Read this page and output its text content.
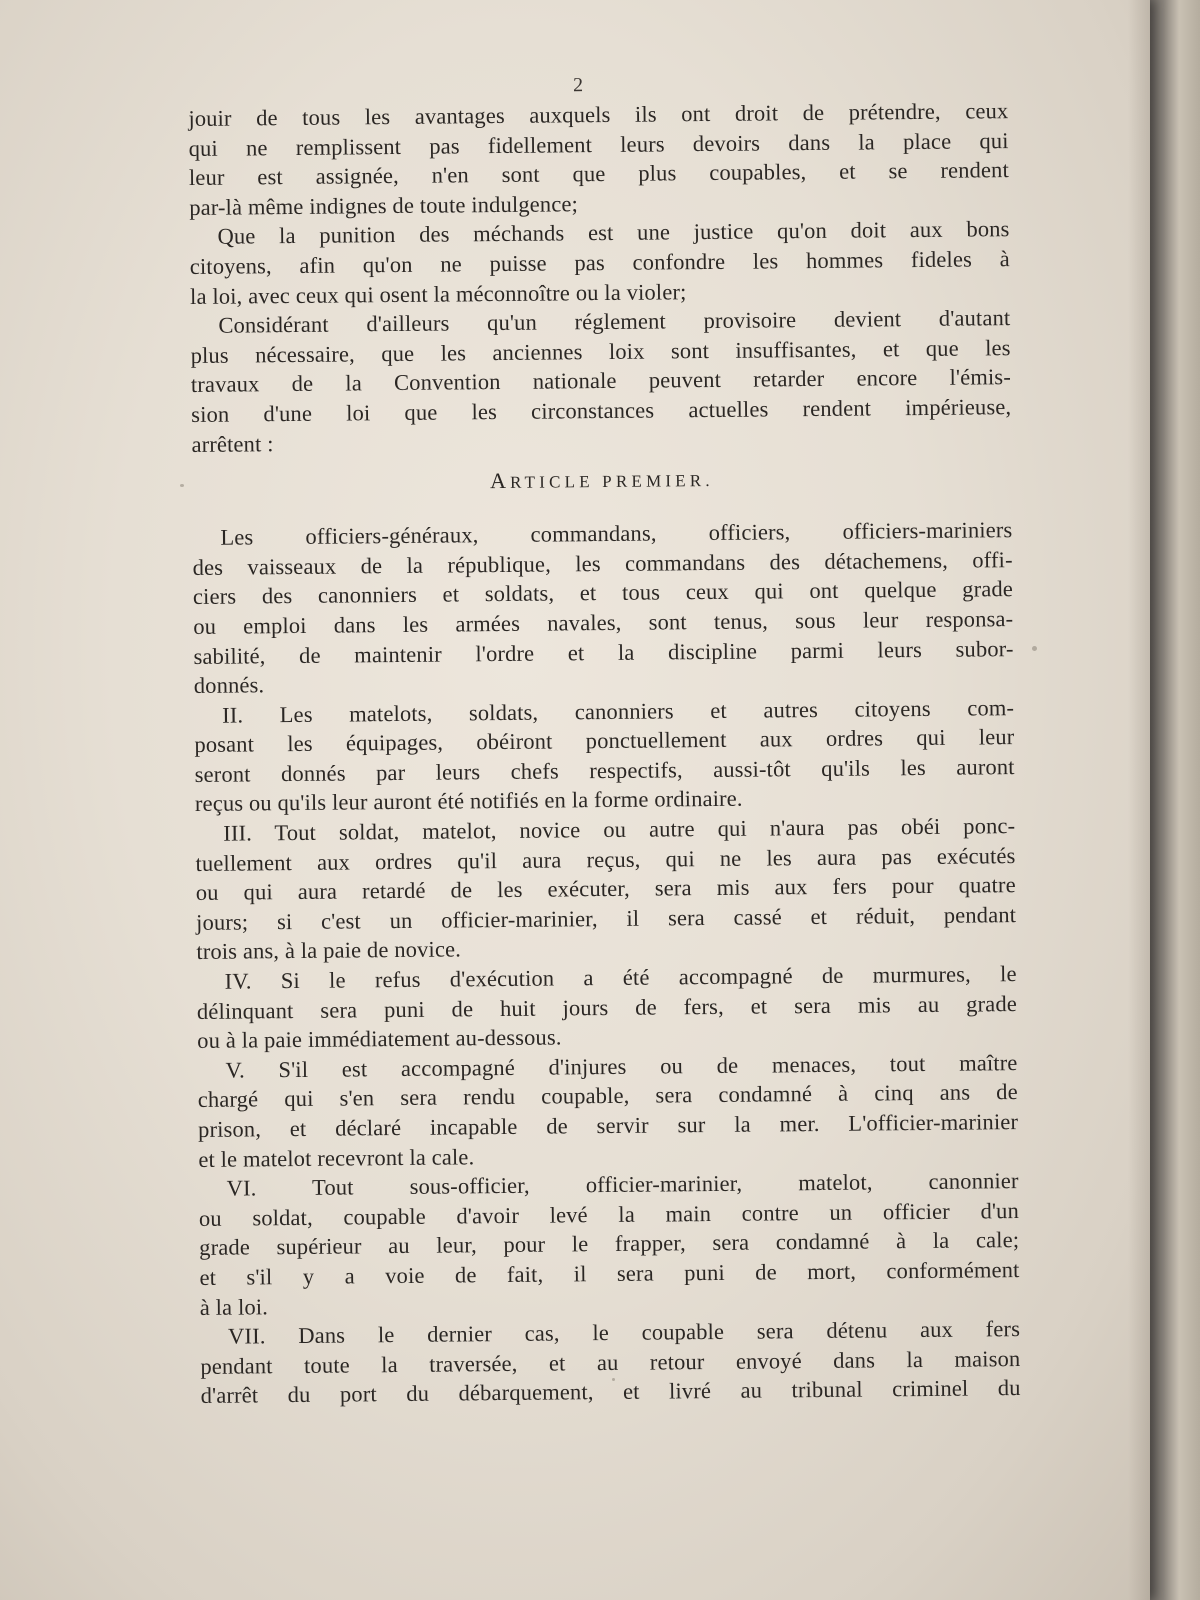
2
jouir de tous les avantages auxquels ils ont droit de prétendre, ceux
qui ne remplissent pas fidellement leurs devoirs dans la place qui
leur est assignée, n'en sont que plus coupables, et se rendent
par-là même indignes de toute indulgence;
Que la punition des méchands est une justice qu'on doit aux bons
citoyens, afin qu'on ne puisse pas confondre les hommes fideles à
la loi, avec ceux qui osent la méconnoître ou la violer;
Considérant d'ailleurs qu'un réglement provisoire devient d'autant
plus nécessaire, que les anciennes loix sont insuffisantes, et que les
travaux de la Convention nationale peuvent retarder encore l'émis-
sion d'une loi que les circonstances actuelles rendent impérieuse,
arrêtent :
ARTICLE PREMIER.
Les officiers-généraux, commandans, officiers, officiers-mariniers
des vaisseaux de la république, les commandans des détachemens, offi-
ciers des canonniers et soldats, et tous ceux qui ont quelque grade
ou emploi dans les armées navales, sont tenus, sous leur responsa-
sabilité, de maintenir l'ordre et la discipline parmi leurs subor-
donnés.
II. Les matelots, soldats, canonniers et autres citoyens com-
posant les équipages, obéiront ponctuellement aux ordres qui leur
seront donnés par leurs chefs respectifs, aussi-tôt qu'ils les auront
reçus ou qu'ils leur auront été notifiés en la forme ordinaire.
III. Tout soldat, matelot, novice ou autre qui n'aura pas obéi ponc-
tuellement aux ordres qu'il aura reçus, qui ne les aura pas exécutés
ou qui aura retardé de les exécuter, sera mis aux fers pour quatre
jours; si c'est un officier-marinier, il sera cassé et réduit, pendant
trois ans, à la paie de novice.
IV. Si le refus d'exécution a été accompagné de murmures, le
délinquant sera puni de huit jours de fers, et sera mis au grade
ou à la paie immédiatement au-dessous.
V. S'il est accompagné d'injures ou de menaces, tout maître
chargé qui s'en sera rendu coupable, sera condamné à cinq ans de
prison, et déclaré incapable de servir sur la mer. L'officier-marinier
et le matelot recevront la cale.
VI. Tout sous-officier, officier-marinier, matelot, canonnier
ou soldat, coupable d'avoir levé la main contre un officier d'un
grade supérieur au leur, pour le frapper, sera condamné à la cale;
et s'il y a voie de fait, il sera puni de mort, conformément
à la loi.
VII. Dans le dernier cas, le coupable sera détenu aux fers
pendant toute la traversée, et au retour envoyé dans la maison
d'arrêt du port du débarquement, et livré au tribunal criminel du
